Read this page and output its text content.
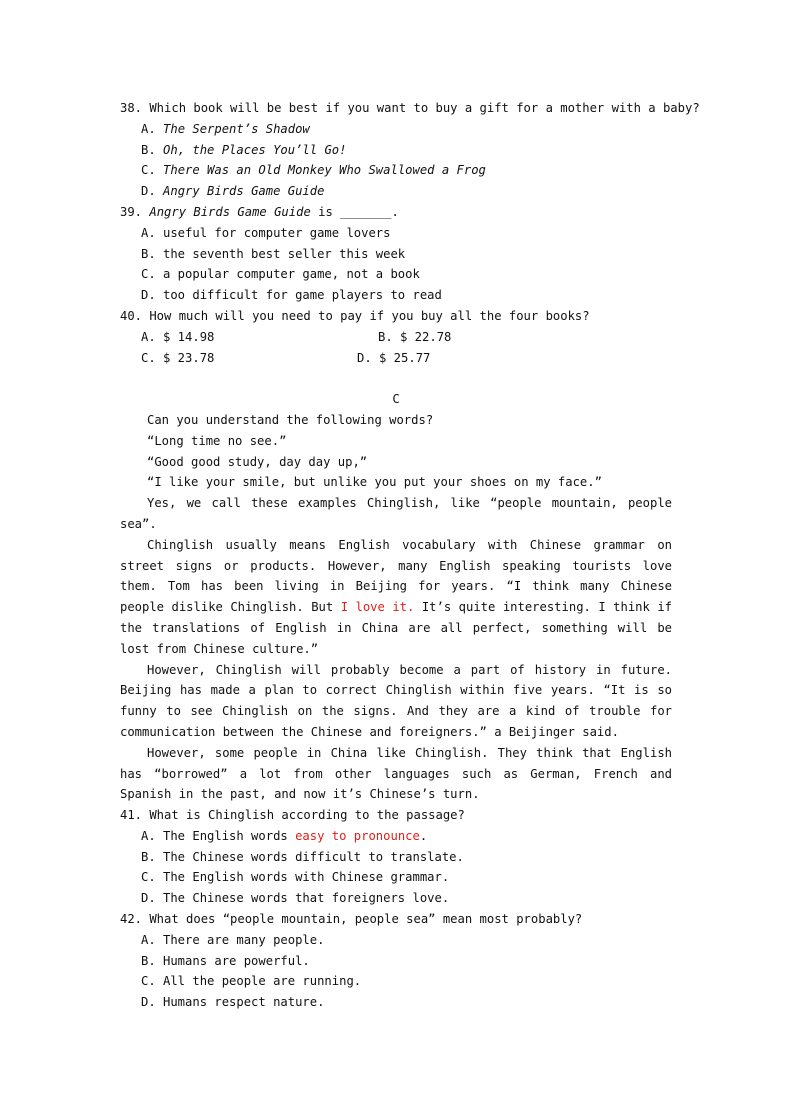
38. Which book will be best if you want to buy a gift for a mother with a baby?
A. The Serpent’s Shadow
B. Oh, the Places You’ll Go!
C. There Was an Old Monkey Who Swallowed a Frog
D. Angry Birds Game Guide
39. Angry Birds Game Guide is _______.
A. useful for computer game lovers
B. the seventh best seller this week
C. a popular computer game, not a book
D. too difficult for game players to read
40. How much will you need to pay if you buy all the four books?
A. $ 14.98	B. $ 22.78
C. $ 23.78	D. $ 25.77
C
Can you understand the following words?
“Long time no see.”
“Good good study, day day up,”
“I like your smile, but unlike you put your shoes on my face.”

Yes, we call these examples Chinglish, like “people mountain, people sea”.

Chinglish usually means English vocabulary with Chinese grammar on street signs or products. However, many English speaking tourists love them. Tom has been living in Beijing for years. “I think many Chinese people dislike Chinglish. But I love it. It’s quite interesting. I think if the translations of English in China are all perfect, something will be lost from Chinese culture.”

However, Chinglish will probably become a part of history in future. Beijing has made a plan to correct Chinglish within five years. “It is so funny to see Chinglish on the signs. And they are a kind of trouble for communication between the Chinese and foreigners.” a Beijinger said.

However, some people in China like Chinglish. They think that English has “borrowed” a lot from other languages such as German, French and Spanish in the past, and now it’s Chinese’s turn.

41. What is Chinglish according to the passage?
A. The English words easy to pronounce.
B. The Chinese words difficult to translate.
C. The English words with Chinese grammar.
D. The Chinese words that foreigners love.
42. What does “people mountain, people sea” mean most probably?
A. There are many people.
B. Humans are powerful.
C. All the people are running.
D. Humans respect nature.
